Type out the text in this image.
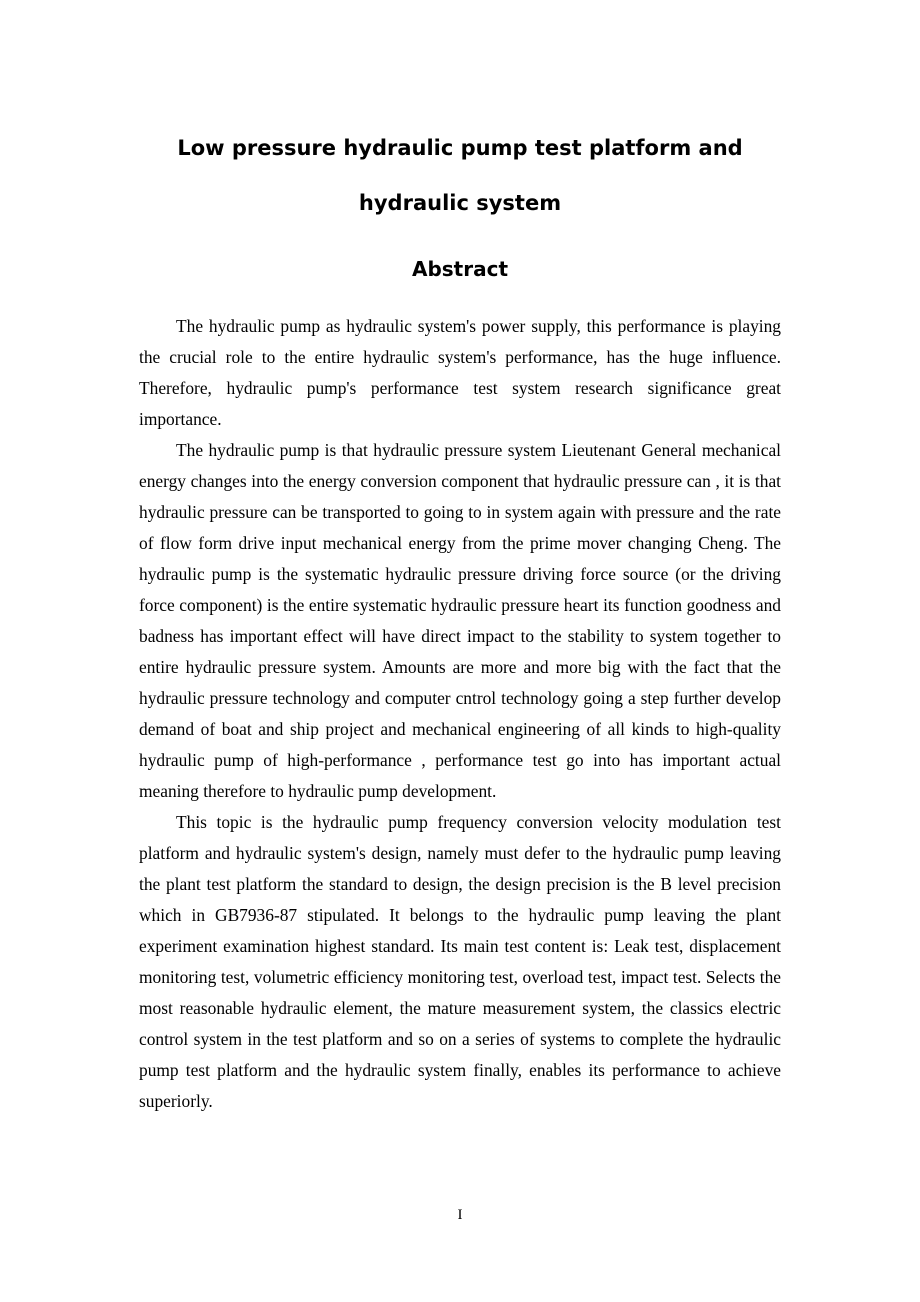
Low pressure hydraulic pump test platform and
hydraulic system
Abstract

The hydraulic pump as hydraulic system's power supply, this performance is playing the crucial role to the entire hydraulic system's performance, has the huge influence. Therefore, hydraulic pump's performance test system research significance great importance.

The hydraulic pump is that hydraulic pressure system Lieutenant General mechanical energy changes into the energy conversion component that hydraulic pressure can , it is that hydraulic pressure can be transported to going to in system again with pressure and the rate of flow form drive input mechanical energy from the prime mover changing Cheng. The hydraulic pump is the systematic hydraulic pressure driving force source (or the driving force component) is the entire systematic hydraulic pressure heart its function goodness and badness has important effect will have direct impact to the stability to system together to entire hydraulic pressure system. Amounts are more and more big with the fact that the hydraulic pressure technology and computer cntrol technology going a step further develop demand of boat and ship project and mechanical engineering of all kinds to high-quality hydraulic pump of high-performance , performance test go into has important actual meaning therefore to hydraulic pump development.

This topic is the hydraulic pump frequency conversion velocity modulation test platform and hydraulic system's design, namely must defer to the hydraulic pump leaving the plant test platform the standard to design, the design precision is the B level precision which in GB7936-87 stipulated. It belongs to the hydraulic pump leaving the plant experiment examination highest standard. Its main test content is: Leak test, displacement monitoring test, volumetric efficiency monitoring test, overload test, impact test. Selects the most reasonable hydraulic element, the mature measurement system, the classics electric control system in the test platform and so on a series of systems to complete the hydraulic pump test platform and the hydraulic system finally, enables its performance to achieve superiorly.

I
